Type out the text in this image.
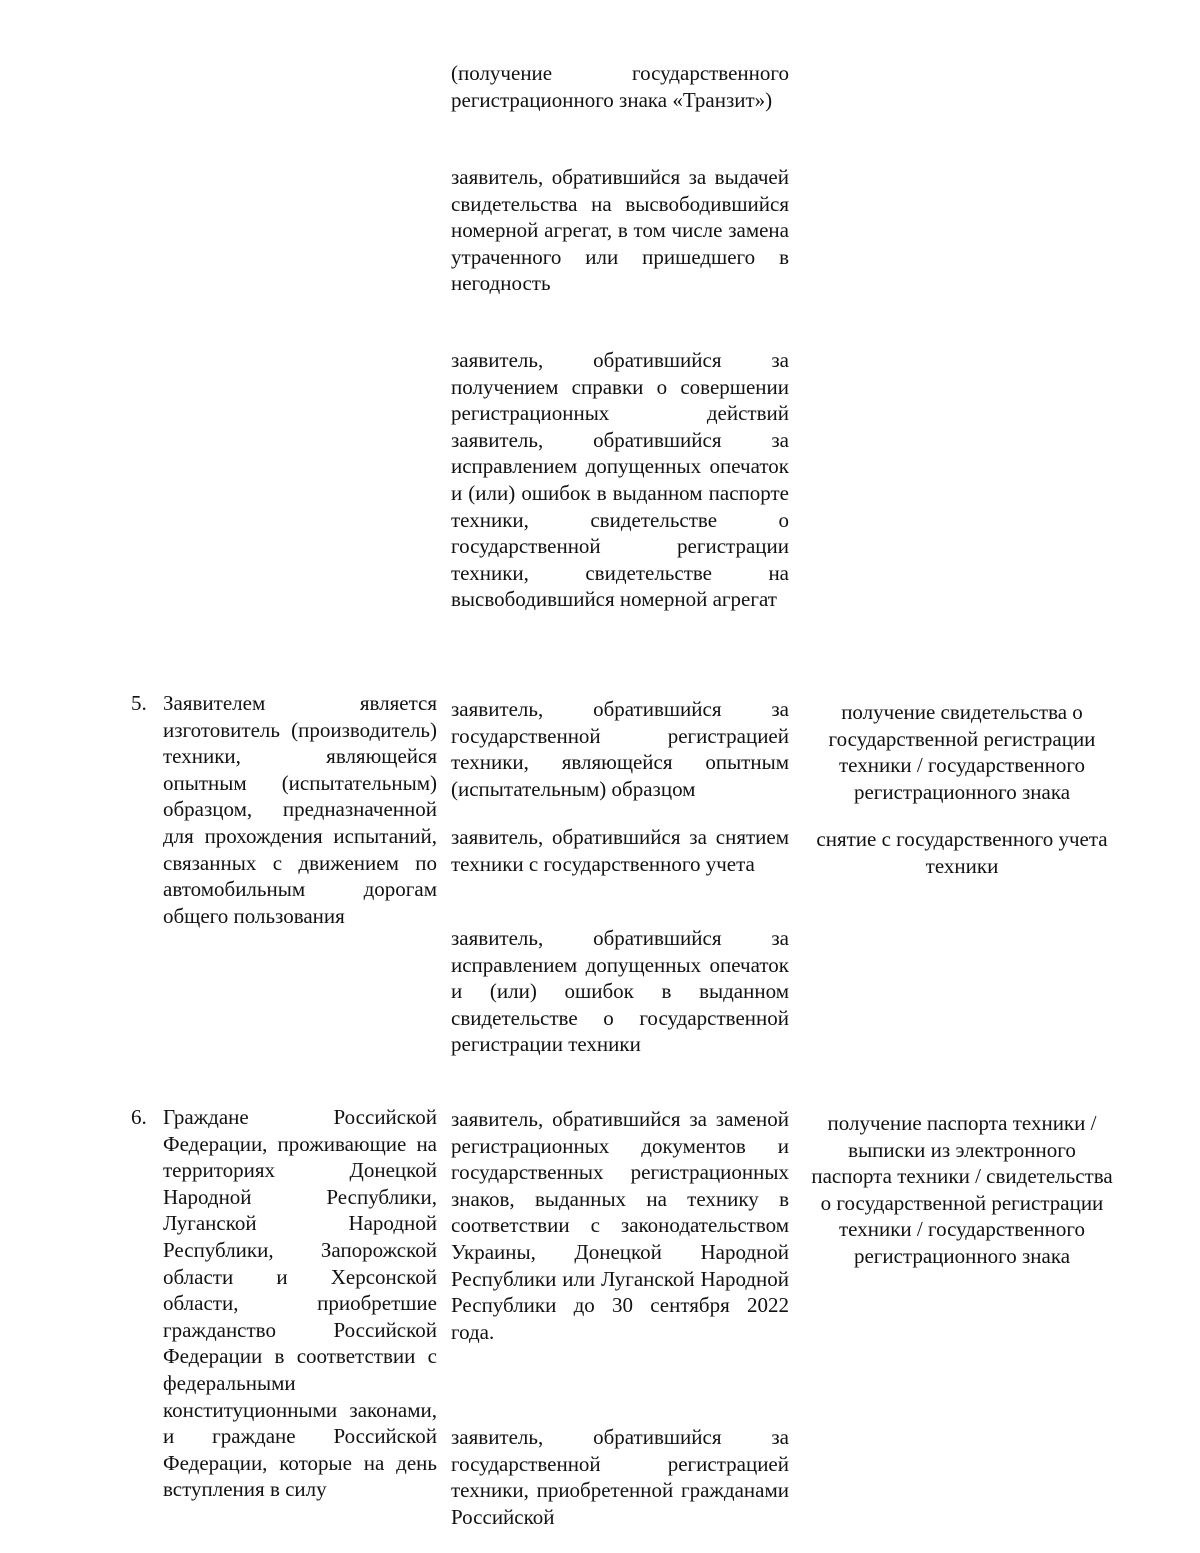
(получение государственного регистрационного знака «Транзит»)
заявитель, обратившийся за выдачей свидетельства на высвободившийся номерной агрегат, в том числе замена утраченного или пришедшего в негодность
заявитель, обратившийся за получением справки о совершении регистрационных действий заявитель, обратившийся за исправлением допущенных опечаток и (или) ошибок в выданном паспорте техники, свидетельстве о государственной регистрации техники, свидетельстве на высвободившийся номерной агрегат
5. Заявителем является изготовитель (производитель) техники, являющейся опытным (испытательным) образцом, предназначенной для прохождения испытаний, связанных с движением по автомобильным дорогам общего пользования
заявитель, обратившийся за государственной регистрацией техники, являющейся опытным (испытательным) образцом
заявитель, обратившийся за снятием техники с государственного учета
заявитель, обратившийся за исправлением допущенных опечаток и (или) ошибок в выданном свидетельстве о государственной регистрации техники
получение свидетельства о государственной регистрации техники / государственного регистрационного знака
снятие с государственного учета техники
6. Граждане Российской Федерации, проживающие на территориях Донецкой Народной Республики, Луганской Народной Республики, Запорожской области и Херсонской области, приобретшие гражданство Российской Федерации в соответствии с федеральными конституционными законами, и граждане Российской Федерации, которые на день вступления в силу
заявитель, обратившийся за заменой регистрационных документов и государственных регистрационных знаков, выданных на технику в соответствии с законодательством Украины, Донецкой Народной Республики или Луганской Народной Республики до 30 сентября 2022 года.
заявитель, обратившийся за государственной регистрацией техники, приобретенной гражданами Российской
получение паспорта техники / выписки из электронного паспорта техники / свидетельства о государственной регистрации техники / государственного регистрационного знака
